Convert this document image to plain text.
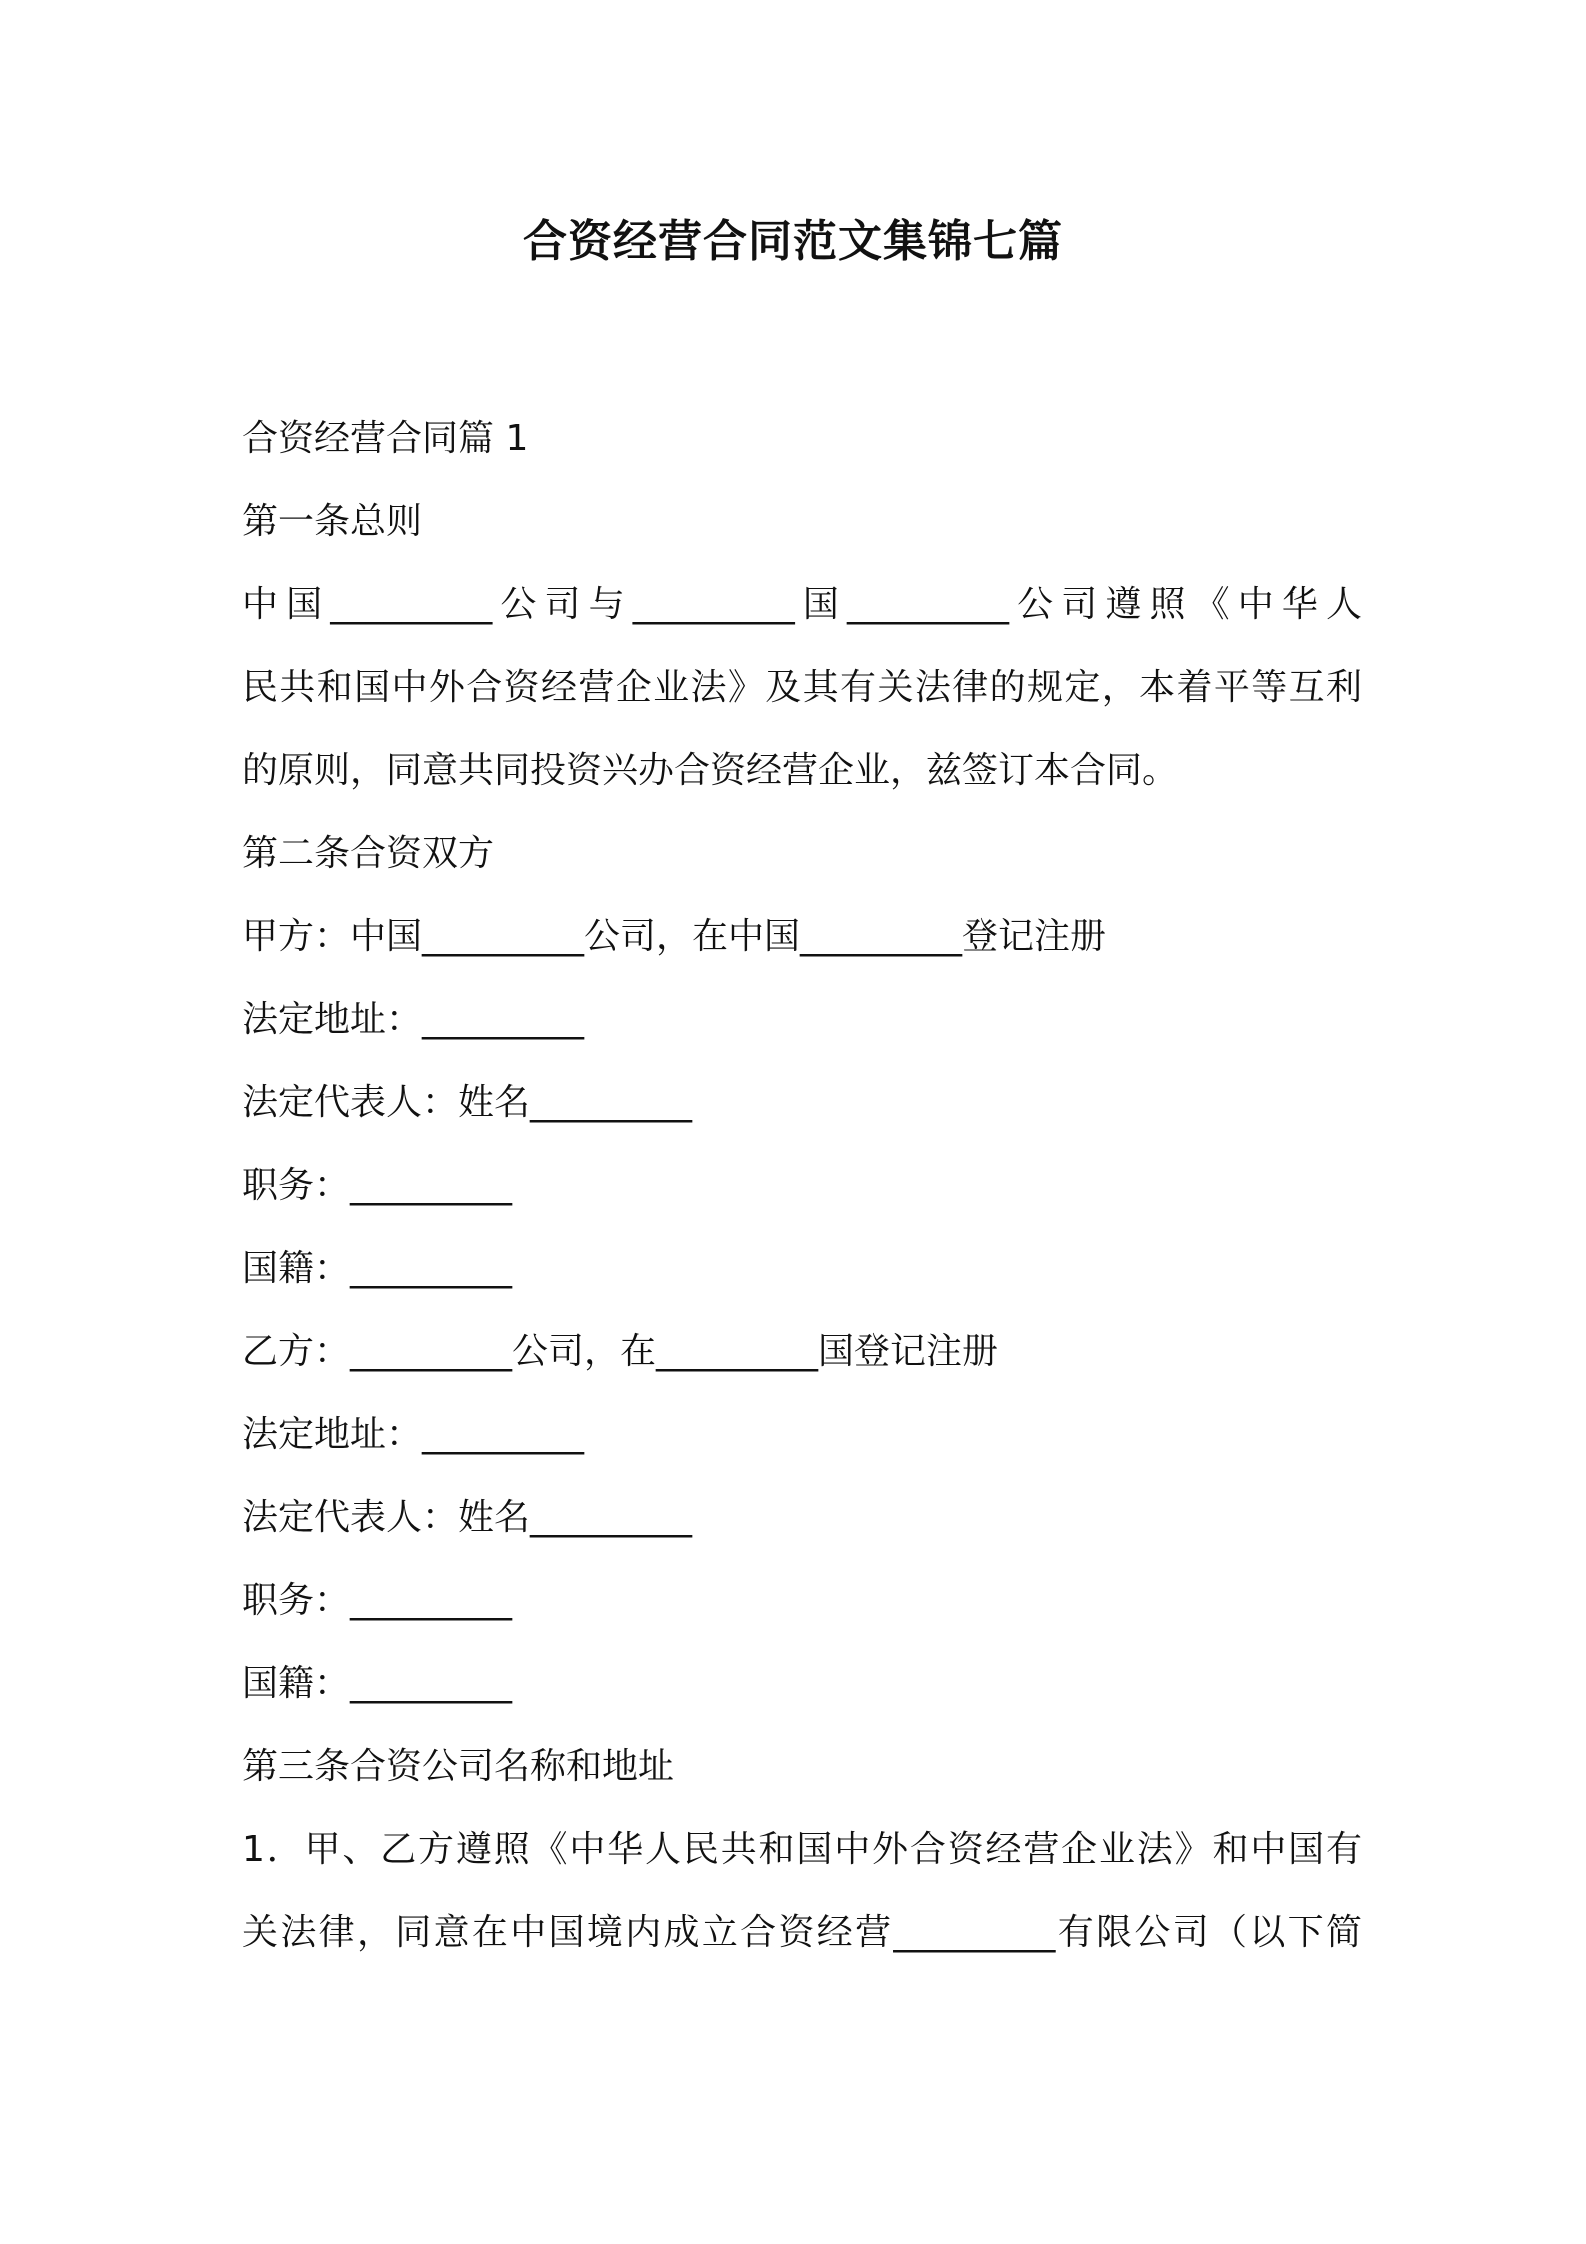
合资经营合同范文集锦七篇
合资经营合同篇 1
第一条总则
中国_________公司与_________国_________公司遵照《中华人
民共和国中外合资经营企业法》及其有关法律的规定，本着平等互利
的原则，同意共同投资兴办合资经营企业，兹签订本合同。
第二条合资双方
甲方：中国_________公司，在中国_________登记注册
法定地址：_________
法定代表人：姓名_________
职务：_________
国籍：_________
乙方：_________公司，在_________国登记注册
法定地址：_________
法定代表人：姓名_________
职务：_________
国籍：_________
第三条合资公司名称和地址
1．甲、乙方遵照《中华人民共和国中外合资经营企业法》和中国有
关法律，同意在中国境内成立合资经营_________有限公司（以下简
